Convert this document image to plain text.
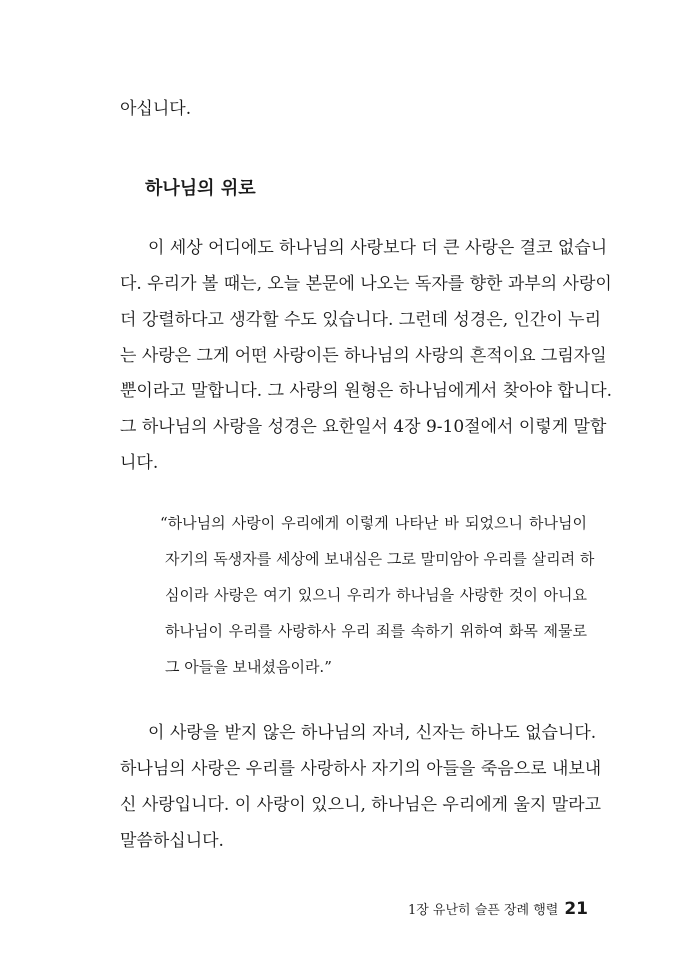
아십니다.
하나님의 위로
이 세상 어디에도 하나님의 사랑보다 더 큰 사랑은 결코 없습니
다. 우리가 볼 때는, 오늘 본문에 나오는 독자를 향한 과부의 사랑이
더 강렬하다고 생각할 수도 있습니다. 그런데 성경은, 인간이 누리
는 사랑은 그게 어떤 사랑이든 하나님의 사랑의 흔적이요 그림자일
뿐이라고 말합니다. 그 사랑의 원형은 하나님에게서 찾아야 합니다.
그 하나님의 사랑을 성경은 요한일서 4장 9-10절에서 이렇게 말합
니다.
“하나님의 사랑이 우리에게 이렇게 나타난 바 되었으니 하나님이
자기의 독생자를 세상에 보내심은 그로 말미암아 우리를 살리려 하
심이라 사랑은 여기 있으니 우리가 하나님을 사랑한 것이 아니요
하나님이 우리를 사랑하사 우리 죄를 속하기 위하여 화목 제물로
그 아들을 보내셨음이라.”
이 사랑을 받지 않은 하나님의 자녀, 신자는 하나도 없습니다.
하나님의 사랑은 우리를 사랑하사 자기의 아들을 죽음으로 내보내
신 사랑입니다. 이 사랑이 있으니, 하나님은 우리에게 울지 말라고
말씀하십니다.
1장 유난히 슬픈 장례 행렬 21
